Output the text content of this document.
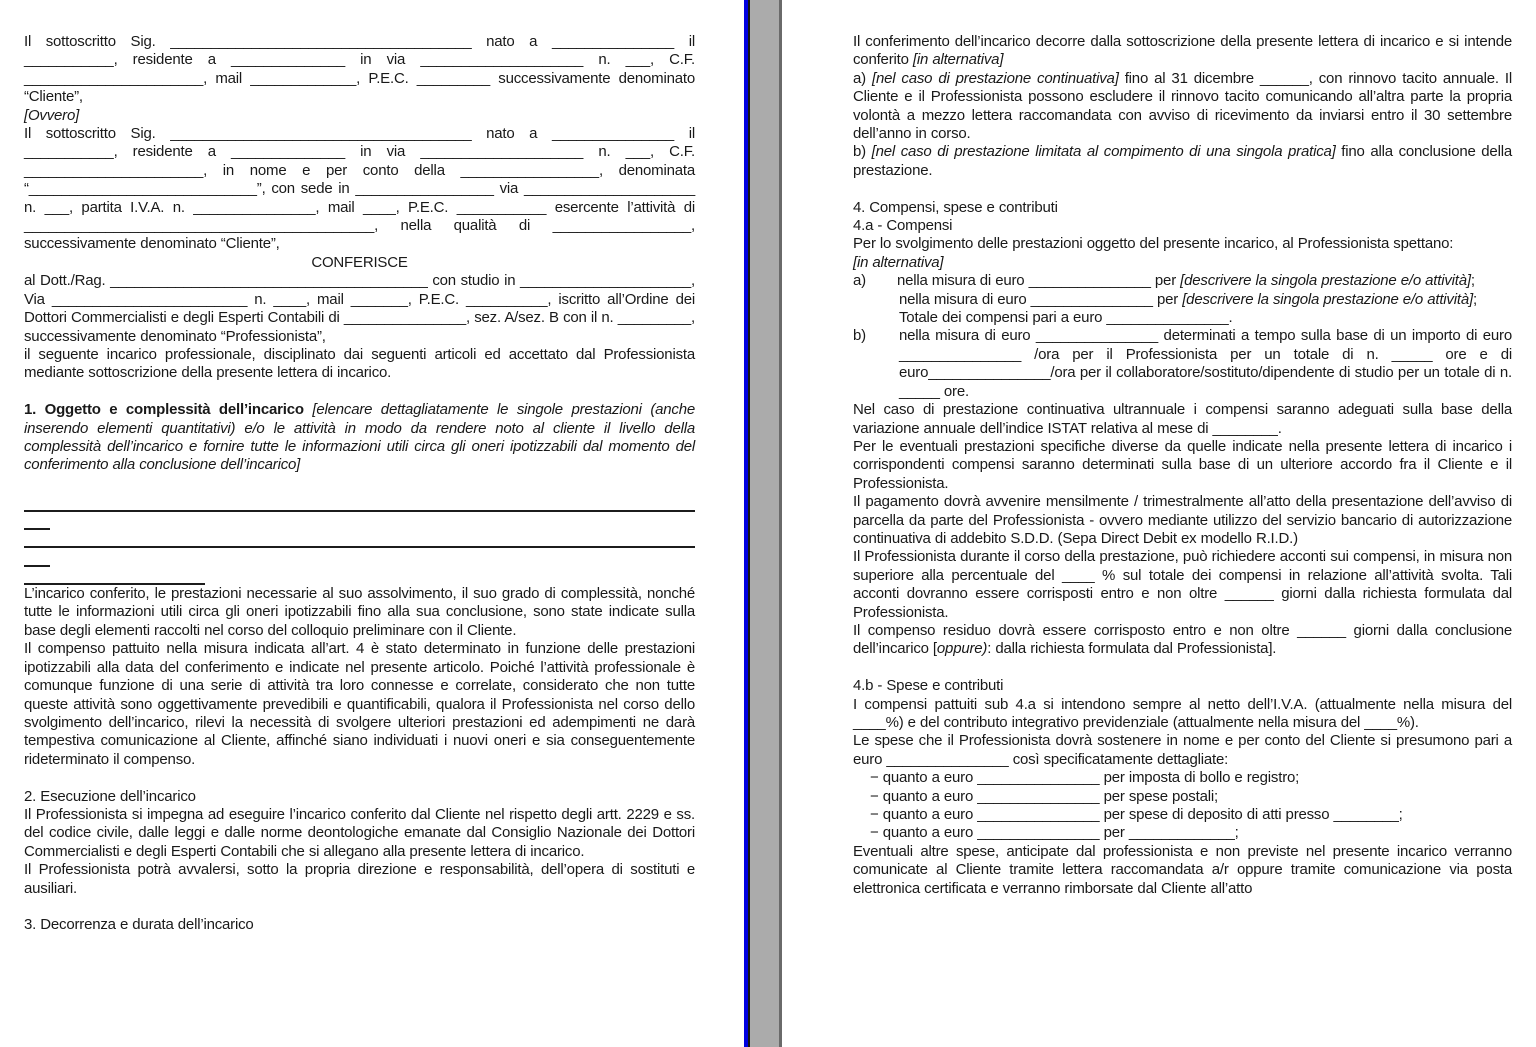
Il sottoscritto Sig. _____________________________________ nato a _______________ il ___________, residente a ______________ in via ____________________ n. ___, C.F. ______________________, mail _____________, P.E.C. _________ successivamente denominato “Cliente”,
[Ovvero]
Il sottoscritto Sig. _____________________________________ nato a _______________ il ___________, residente a ______________ in via ____________________ n. ___, C.F. ______________________, in nome e per conto della _________________, denominata “____________________________”, con sede in _________________ via _____________________ n. ___, partita I.V.A. n. _______________, mail ____, P.E.C. ___________ esercente l’attività di ___________________________________________, nella qualità di _________________, successivamente denominato “Cliente”,
CONFERISCE
al Dott./Rag. _______________________________________ con studio in _____________________, Via ________________________ n. ____, mail _______, P.E.C. __________, iscritto all’Ordine dei Dottori Commercialisti e degli Esperti Contabili di _______________, sez. A/sez. B con il n. _________, successivamente denominato “Professionista”,
il seguente incarico professionale, disciplinato dai seguenti articoli ed accettato dal Professionista mediante sottoscrizione della presente lettera di incarico.
1. Oggetto e complessità dell’incarico [elencare dettagliatamente le singole prestazioni (anche inserendo elementi quantitativi) e/o le attività in modo da rendere noto al cliente il livello della complessità dell’incarico e fornire tutte le informazioni utili circa gli oneri ipotizzabili dal momento del conferimento alla conclusione dell’incarico]
L’incarico conferito, le prestazioni necessarie al suo assolvimento, il suo grado di complessità, nonché tutte le informazioni utili circa gli oneri ipotizzabili fino alla sua conclusione, sono state indicate sulla base degli elementi raccolti nel corso del colloquio preliminare con il Cliente.
Il compenso pattuito nella misura indicata all’art. 4 è stato determinato in funzione delle prestazioni ipotizzabili alla data del conferimento e indicate nel presente articolo. Poiché l’attività professionale è comunque funzione di una serie di attività tra loro connesse e correlate, considerato che non tutte queste attività sono oggettivamente prevedibili e quantificabili, qualora il Professionista nel corso dello svolgimento dell’incarico, rilevi la necessità di svolgere ulteriori prestazioni ed adempimenti ne darà tempestiva comunicazione al Cliente, affinché siano individuati i nuovi oneri e sia conseguentemente rideterminato il compenso.
2. Esecuzione dell’incarico
Il Professionista si impegna ad eseguire l’incarico conferito dal Cliente nel rispetto degli artt. 2229 e ss. del codice civile, dalle leggi e dalle norme deontologiche emanate dal Consiglio Nazionale dei Dottori Commercialisti e degli Esperti Contabili che si allegano alla presente lettera di incarico.
Il Professionista potrà avvalersi, sotto la propria direzione e responsabilità, dell’opera di sostituti e ausiliari.
3. Decorrenza e durata dell’incarico
Il conferimento dell’incarico decorre dalla sottoscrizione della presente lettera di incarico e si intende conferito [in alternativa]
a) [nel caso di prestazione continuativa] fino al 31 dicembre ______, con rinnovo tacito annuale. Il Cliente e il Professionista possono escludere il rinnovo tacito comunicando all’altra parte la propria volontà a mezzo lettera raccomandata con avviso di ricevimento da inviarsi entro il 30 settembre dell’anno in corso.
b) [nel caso di prestazione limitata al compimento di una singola pratica] fino alla conclusione della prestazione.
4. Compensi, spese e contributi
4.a - Compensi
Per lo svolgimento delle prestazioni oggetto del presente incarico, al Professionista spettano:
[in alternativa]
a) nella misura di euro _______________ per [descrivere la singola prestazione e/o attività];
nella misura di euro _______________ per [descrivere la singola prestazione e/o attività];
Totale dei compensi pari a euro _______________.
b) nella misura di euro _______________ determinati a tempo sulla base di un importo di euro _______________ /ora per il Professionista per un totale di n. _____ ore e di euro_______________/ora per il collaboratore/sostituto/dipendente di studio per un totale di n. _____ ore.
Nel caso di prestazione continuativa ultrannuale i compensi saranno adeguati sulla base della variazione annuale dell’indice ISTAT relativa al mese di ________.
Per le eventuali prestazioni specifiche diverse da quelle indicate nella presente lettera di incarico i corrispondenti compensi saranno determinati sulla base di un ulteriore accordo fra il Cliente e il Professionista.
Il pagamento dovrà avvenire mensilmente / trimestralmente all’atto della presentazione dell’avviso di parcella da parte del Professionista - ovvero mediante utilizzo del servizio bancario di autorizzazione continuativa di addebito S.D.D. (Sepa Direct Debit ex modello R.I.D.)
Il Professionista durante il corso della prestazione, può richiedere acconti sui compensi, in misura non superiore alla percentuale del ____ % sul totale dei compensi in relazione all’attività svolta. Tali acconti dovranno essere corrisposti entro e non oltre ______ giorni dalla richiesta formulata dal Professionista.
Il compenso residuo dovrà essere corrisposto entro e non oltre ______ giorni dalla conclusione dell’incarico [oppure): dalla richiesta formulata dal Professionista].
4.b - Spese e contributi
I compensi pattuiti sub 4.a si intendono sempre al netto dell’I.V.A. (attualmente nella misura del ____%) e del contributo integrativo previdenziale (attualmente nella misura del ____%).
Le spese che il Professionista dovrà sostenere in nome e per conto del Cliente si presumono pari a euro _______________ così specificatamente dettagliate:
− quanto a euro _______________ per imposta di bollo e registro;
− quanto a euro _______________ per spese postali;
− quanto a euro _______________ per spese di deposito di atti presso ________;
− quanto a euro _______________ per _____________;
Eventuali altre spese, anticipate dal professionista e non previste nel presente incarico verranno comunicate al Cliente tramite lettera raccomandata a/r oppure tramite comunicazione via posta elettronica certificata e verranno rimborsate dal Cliente all’atto
